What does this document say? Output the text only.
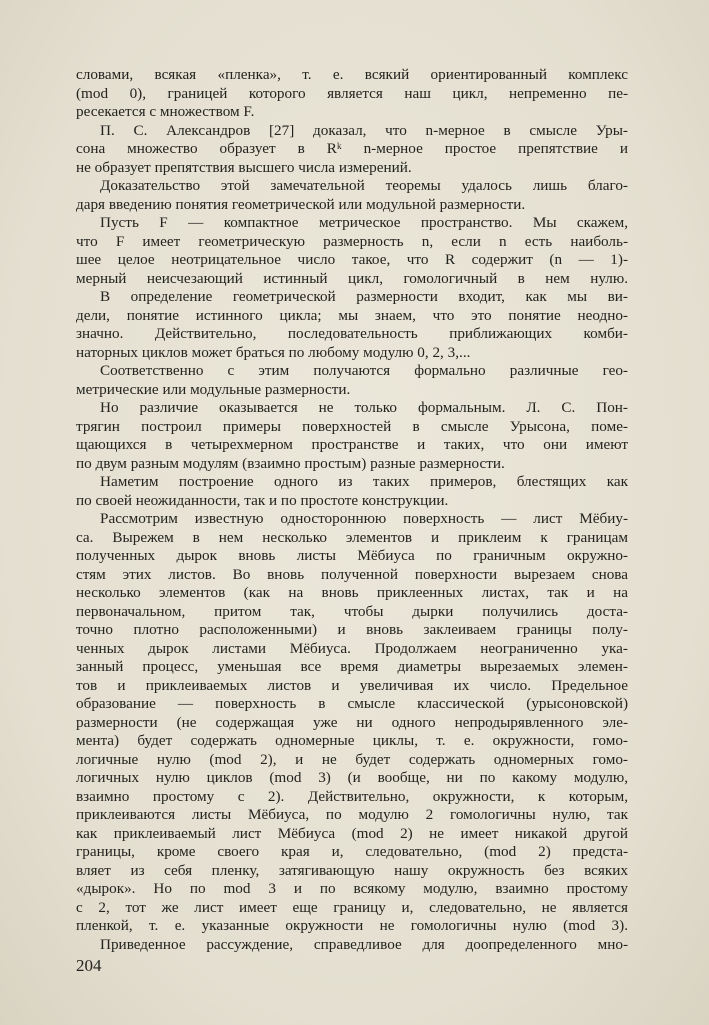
словами, всякая «пленка», т. е. всякий ориентированный комплекс
(mod 0), границей которого является наш цикл, непременно пе-
ресекается с множеством F.
П. С. Александров [27] доказал, что n-мерное в смысле Уры-
сона множество образует в Rᵏ n-мерное простое препятствие и
не образует препятствия высшего числа измерений.
Доказательство этой замечательной теоремы удалось лишь благо-
даря введению понятия геометрической или модульной размерности.
Пусть F — компактное метрическое пространство. Мы скажем,
что F имеет геометрическую размерность n, если n есть наиболь-
шее целое неотрицательное число такое, что R содержит (n — 1)-
мерный неисчезающий истинный цикл, гомологичный в нем нулю.
В определение геометрической размерности входит, как мы ви-
дели, понятие истинного цикла; мы знаем, что это понятие неодно-
значно. Действительно, последовательность приближающих комби-
наторных циклов может браться по любому модулю 0, 2, 3,...
Соответственно с этим получаются формально различные гео-
метрические или модульные размерности.
Но различие оказывается не только формальным. Л. С. Пон-
трягин построил примеры поверхностей в смысле Урысона, поме-
щающихся в четырехмерном пространстве и таких, что они имеют
по двум разным модулям (взаимно простым) разные размерности.
Наметим построение одного из таких примеров, блестящих как
по своей неожиданности, так и по простоте конструкции.
Рассмотрим известную одностороннюю поверхность — лист Мёбиу-
са. Вырежем в нем несколько элементов и приклеим к границам
полученных дырок вновь листы Мёбиуса по граничным окружно-
стям этих листов. Во вновь полученной поверхности вырезаем снова
несколько элементов (как на вновь приклеенных листах, так и на
первоначальном, притом так, чтобы дырки получились доста-
точно плотно расположенными) и вновь заклеиваем границы полу-
ченных дырок листами Мёбиуса. Продолжаем неограниченно ука-
занный процесс, уменьшая все время диаметры вырезаемых элемен-
тов и приклеиваемых листов и увеличивая их число. Предельное
образование — поверхность в смысле классической (урысоновской)
размерности (не содержащая уже ни одного непродырявленного эле-
мента) будет содержать одномерные циклы, т. е. окружности, гомо-
логичные нулю (mod 2), и не будет содержать одномерных гомо-
логичных нулю циклов (mod 3) (и вообще, ни по какому модулю,
взаимно простому с 2). Действительно, окружности, к которым,
приклеиваются листы Мёбиуса, по модулю 2 гомологичны нулю, так
как приклеиваемый лист Мёбиуса (mod 2) не имеет никакой другой
границы, кроме своего края и, следовательно, (mod 2) предста-
вляет из себя пленку, затягивающую нашу окружность без всяких
«дырок». Но по mod 3 и по всякому модулю, взаимно простому
с 2, тот же лист имеет еще границу и, следовательно, не является
пленкой, т. е. указанные окружности не гомологичны нулю (mod 3).
Приведенное рассуждение, справедливое для доопределенного мно-
204
